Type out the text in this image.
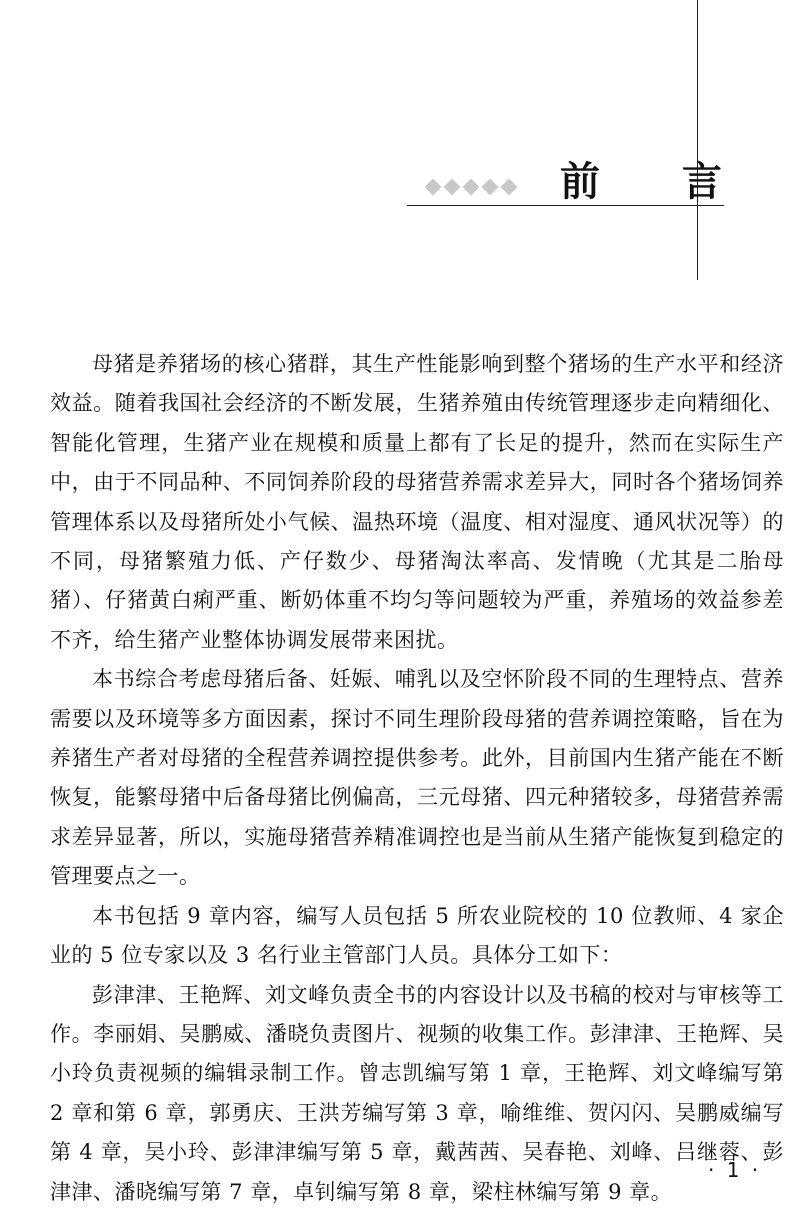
前 言

母猪是养猪场的核心猪群，其生产性能影响到整个猪场的生产水平和经济效益。随着我国社会经济的不断发展，生猪养殖由传统管理逐步走向精细化、智能化管理，生猪产业在规模和质量上都有了长足的提升，然而在实际生产中，由于不同品种、不同饲养阶段的母猪营养需求差异大，同时各个猪场饲养管理体系以及母猪所处小气候、温热环境（温度、相对湿度、通风状况等）的不同，母猪繁殖力低、产仔数少、母猪淘汰率高、发情晚（尤其是二胎母猪）、仔猪黄白痢严重、断奶体重不均匀等问题较为严重，养殖场的效益参差不齐，给生猪产业整体协调发展带来困扰。

本书综合考虑母猪后备、妊娠、哺乳以及空怀阶段不同的生理特点、营养需要以及环境等多方面因素，探讨不同生理阶段母猪的营养调控策略，旨在为养猪生产者对母猪的全程营养调控提供参考。此外，目前国内生猪产能在不断恢复，能繁母猪中后备母猪比例偏高，三元母猪、四元种猪较多，母猪营养需求差异显著，所以，实施母猪营养精准调控也是当前从生猪产能恢复到稳定的管理要点之一。

本书包括 9 章内容，编写人员包括 5 所农业院校的 10 位教师、4 家企业的 5 位专家以及 3 名行业主管部门人员。具体分工如下：

彭津津、王艳辉、刘文峰负责全书的内容设计以及书稿的校对与审核等工作。李丽娟、吴鹏威、潘晓负责图片、视频的收集工作。彭津津、王艳辉、吴小玲负责视频的编辑录制工作。曾志凯编写第 1 章，王艳辉、刘文峰编写第 2 章和第 6 章，郭勇庆、王洪芳编写第 3 章，喻维维、贺闪闪、吴鹏威编写第 4 章，吴小玲、彭津津编写第 5 章，戴茜茜、吴春艳、刘峰、吕继蓉、彭津津、潘晓编写第 7 章，卓钊编写第 8 章，梁柱林编写第 9 章。

· 1 ·
